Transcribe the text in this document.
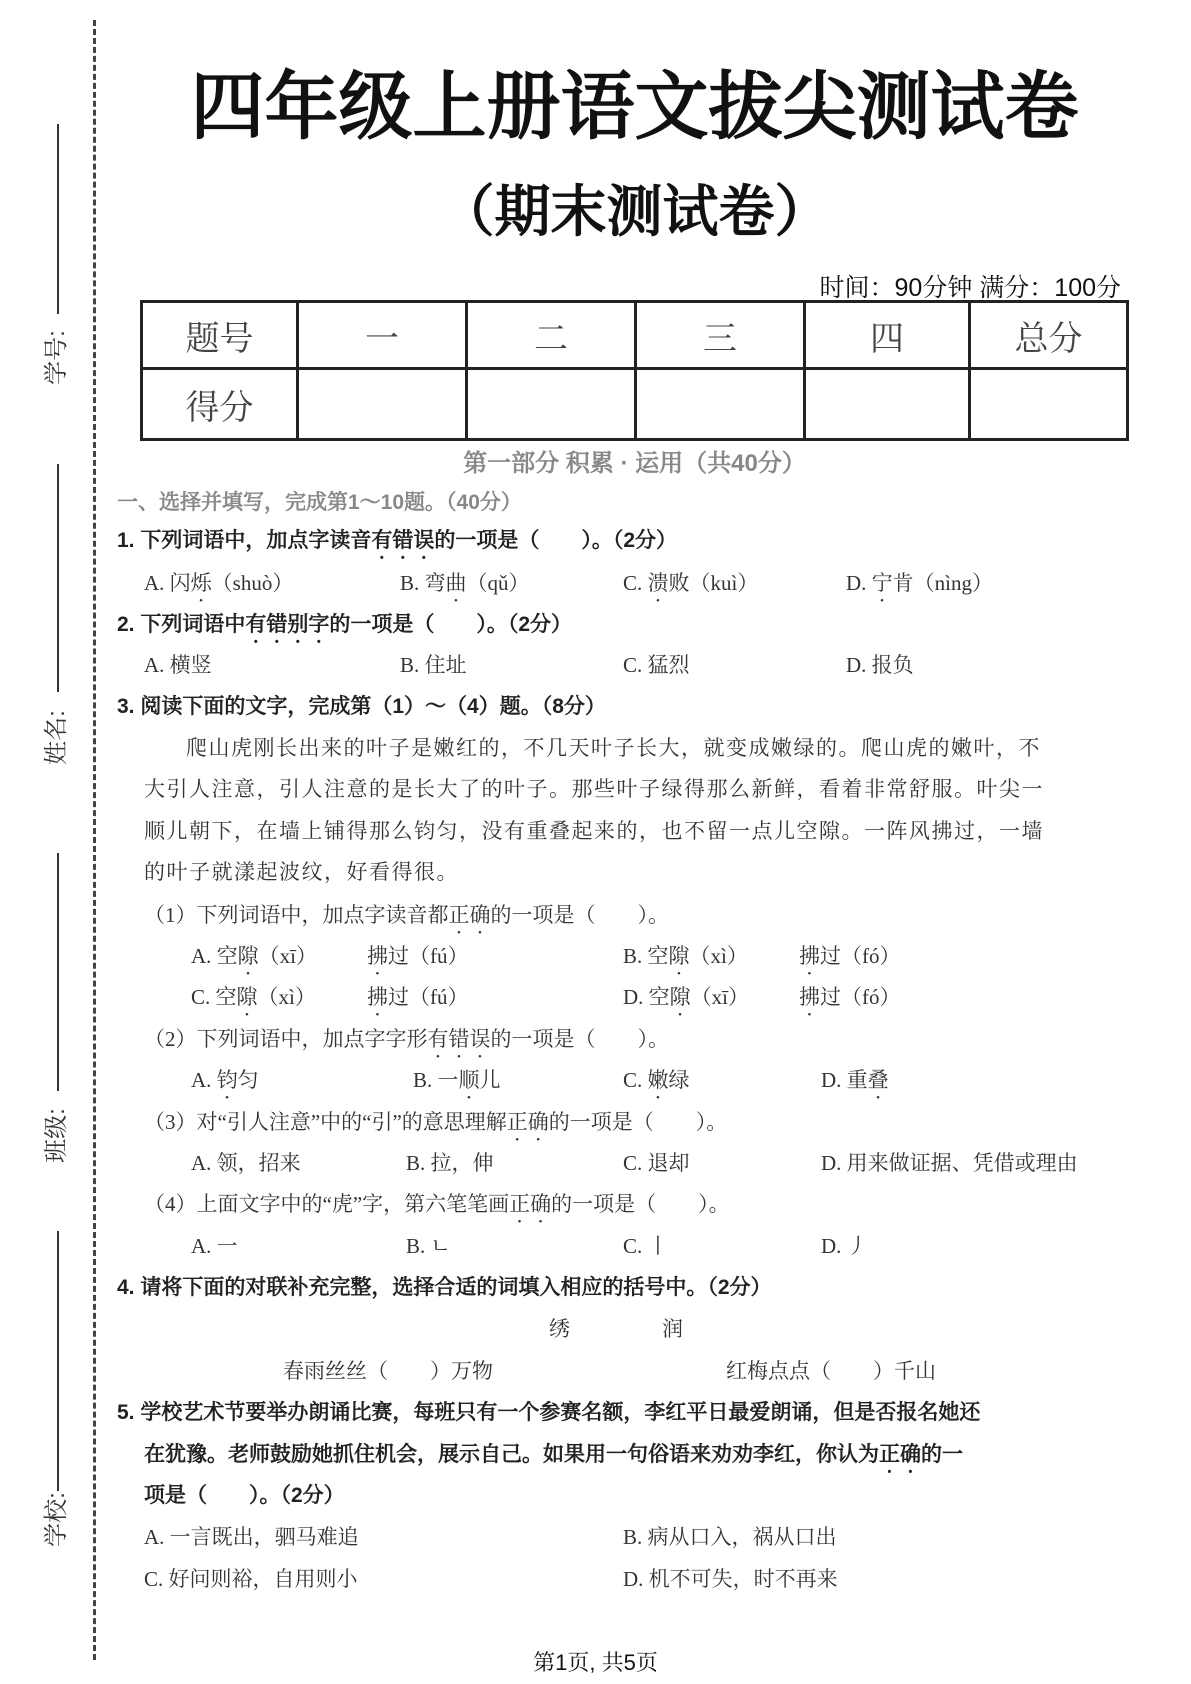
学号:
姓名:
班级:
学校:
四年级上册语文拔尖测试卷
（期末测试卷）
时间：90分钟 满分：100分
题号	一	二	三	四	总分
得分					
第一部分 积累 · 运用（共40分）
一、选择并填写，完成第1～10题。（40分）
1. 下列词语中，加点字读音有错误的一项是（　　）。（2分）
A. 闪烁（shuò）	B. 弯曲（qǔ）	C. 溃败（kuì）	D. 宁肯（nìng）
2. 下列词语中有错别字的一项是（　　）。（2分）
A. 横竖	B. 住址	C. 猛烈	D. 报负
3. 阅读下面的文字，完成第（1）～（4）题。（8分）
爬山虎刚长出来的叶子是嫩红的，不几天叶子长大，就变成嫩绿的。爬山虎的嫩叶，不
大引人注意，引人注意的是长大了的叶子。那些叶子绿得那么新鲜，看着非常舒服。叶尖一
顺儿朝下，在墙上铺得那么钧匀，没有重叠起来的，也不留一点儿空隙。一阵风拂过，一墙
的叶子就漾起波纹，好看得很。
（1）下列词语中，加点字读音都正确的一项是（　　）。
A. 空隙（xī） 拂过（fú）	B. 空隙（xì） 拂过（fó）
C. 空隙（xì） 拂过（fú）	D. 空隙（xī） 拂过（fó）
（2）下列词语中，加点字字形有错误的一项是（　　）。
A. 钧匀	B. 一顺儿	C. 嫩绿	D. 重叠
（3）对“引人注意”中的“引”的意思理解正确的一项是（　　）。
A. 领，招来	B. 拉，伸	C. 退却	D. 用来做证据、凭借或理由
（4）上面文字中的“虎”字，第六笔笔画正确的一项是（　　）。
A. 一	B. ㄴ	C. 丨	D. 丿
4. 请将下面的对联补充完整，选择合适的词填入相应的括号中。（2分）
绣	润
春雨丝丝（　　）万物	红梅点点（　　）千山
5. 学校艺术节要举办朗诵比赛，每班只有一个参赛名额，李红平日最爱朗诵，但是否报名她还
在犹豫。老师鼓励她抓住机会，展示自己。如果用一句俗语来劝劝李红，你认为正确的一
项是（　　）。（2分）
A. 一言既出，驷马难追	B. 病从口入，祸从口出
C. 好问则裕，自用则小	D. 机不可失，时不再来
第1页, 共5页
